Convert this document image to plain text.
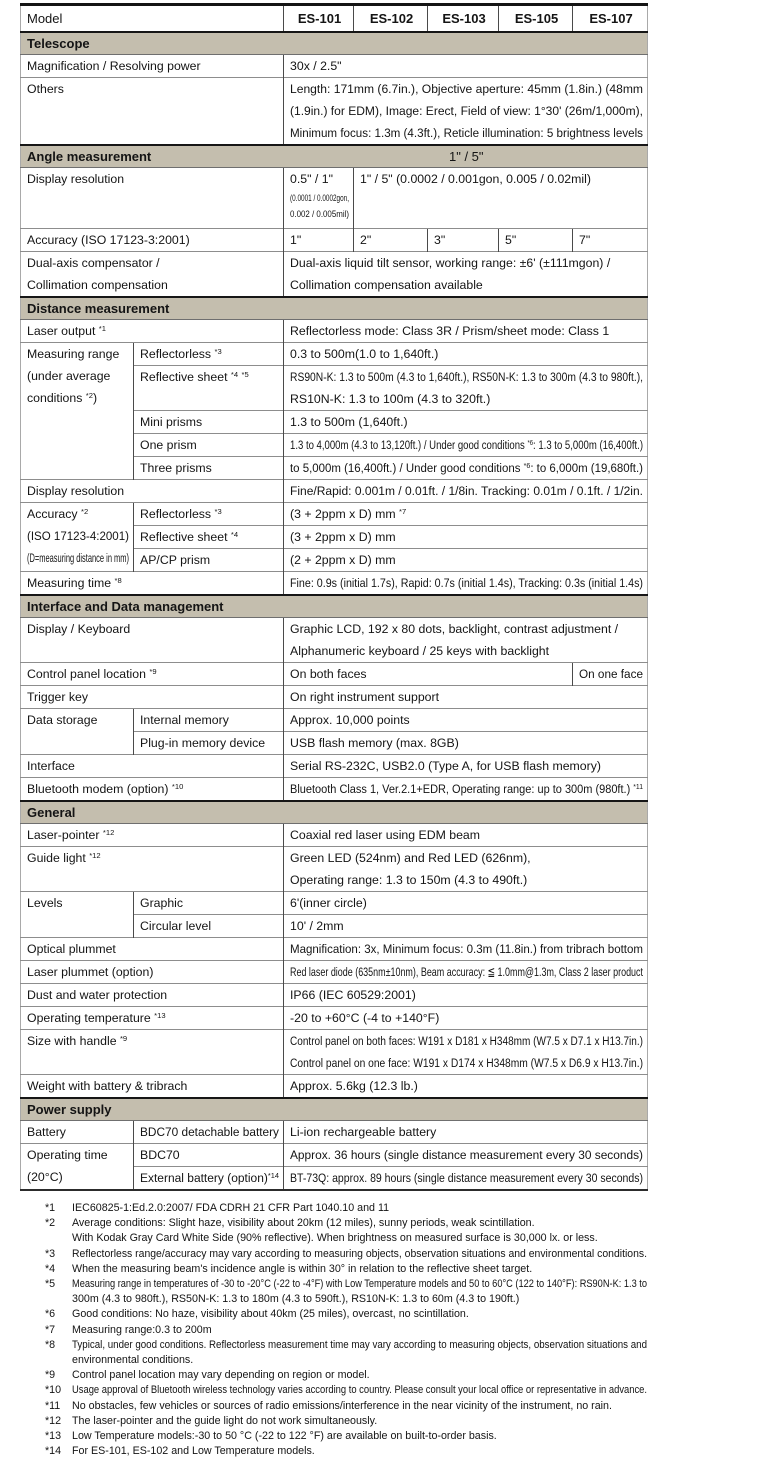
Model		ES-101	ES-102	ES-103	ES-105	ES-107

Telescope						

Magnification / Resolving power		30x / 2.5"				

Others		Length: 171mm (6.7in.), Objective aperture: 45mm (1.8in.) (48mm
(1.9in.) for EDM), Image: Erect, Field of view: 1°30' (26m/1,000m),
Minimum focus: 1.3m (4.3ft.), Reticle illumination: 5 brightness levels				

Angle measurement		1" / 5"				

Display resolution		0.5" / 1"
(0.0001 / 0.0002gon,
0.002 / 0.005mil)	1" / 5" (0.0002 / 0.001gon, 0.005 / 0.02mil)			

Accuracy (ISO 17123-3:2001)		1"	2"	3"	5"	7"

Dual-axis compensator /
Collimation compensation		Dual-axis liquid tilt sensor, working range: ±6' (±111mgon) /
Collimation compensation available				

Distance measurement						

Laser output $^{*1}$		Reflectorless mode: Class 3R / Prism/sheet mode: Class 1				

Measuring range
(under average
conditions $^{*2}$)	Reflectorless $^{*3}$	0.3 to 500m(1.0 to 1,640ft.)				

	Reflective sheet $^{*4}$ $^{*5}$	RS90N-K: 1.3 to 500m (4.3 to 1,640ft.), RS50N-K: 1.3 to 300m (4.3 to 980ft.),
RS10N-K: 1.3 to 100m (4.3 to 320ft.)				

	Mini prisms	1.3 to 500m (1,640ft.)				

	One prism	1.3 to 4,000m (4.3 to 13,120ft.) / Under good conditions $^{*6}$: 1.3 to 5,000m (16,400ft.)				

	Three prisms	to 5,000m (16,400ft.) / Under good conditions $^{*6}$: to 6,000m (19,680ft.)				

Display resolution		Fine/Rapid: 0.001m / 0.01ft. / 1/8in. Tracking: 0.01m / 0.1ft. / 1/2in.				

Accuracy $^{*2}$
(ISO 17123-4:2001)
(D=measuring distance in mm)	Reflectorless $^{*3}$	(3 + 2ppm x D) mm $^{*7}$

	Reflective sheet $^{*4}$	(3 + 2ppm x D) mm				

	AP/CP prism	(2 + 2ppm x D) mm				

Measuring time $^{*8}$		Fine: 0.9s (initial 1.7s), Rapid: 0.7s (initial 1.4s), Tracking: 0.3s (initial 1.4s)				

Interface and Data management						

Display / Keyboard		Graphic LCD, 192 x 80 dots, backlight, contrast adjustment /
Alphanumeric keyboard / 25 keys with backlight				

Control panel location $^{*9}$		On both faces				On one face

Trigger key		On right instrument support				

Data storage	Internal memory	Approx. 10,000 points				

	Plug-in memory device	USB flash memory (max. 8GB)				

Interface		Serial RS-232C, USB2.0 (Type A, for USB flash memory)				

Bluetooth modem (option) $^{*10}$		Bluetooth Class 1, Ver.2.1+EDR, Operating range: up to 300m (980ft.) $^{*11}$

General						

Laser-pointer $^{*12}$		Coaxial red laser using EDM beam				

Guide light $^{*12}$		Green LED (524nm) and Red LED (626nm),
Operating range: 1.3 to 150m (4.3 to 490ft.)				

Levels	Graphic	6'(inner circle)				

	Circular level	10' / 2mm				

Optical plummet		Magnification: 3x, Minimum focus: 0.3m (11.8in.) from tribrach bottom				

Laser plummet (option)		Red laser diode (635nm±10nm), Beam accuracy: ≦ 1.0mm@1.3m, Class 2 laser product				

Dust and water protection		IP66 (IEC 60529:2001)				

Operating temperature $^{*13}$		-20 to +60°C (-4 to +140°F)				

Size with handle $^{*9}$		Control panel on both faces: W191 x D181 x H348mm (W7.5 x D7.1 x H13.7in.)
Control panel on one face: W191 x D174 x H348mm (W7.5 x D6.9 x H13.7in.)				

Weight with battery & tribrach		Approx. 5.6kg (12.3 lb.)				

Power supply						

Battery	BDC70 detachable battery	Li-ion rechargeable battery				

Operating time
(20°C)	BDC70	Approx. 36 hours (single distance measurement every 30 seconds)				

	External battery (option)$^{*14}$	BT-73Q: approx. 89 hours (single distance measurement every 30 seconds)				
*1	IEC60825-1:Ed.2.0:2007/ FDA CDRH 21 CFR Part 1040.10 and 11
*2	Average conditions: Slight haze, visibility about 20km (12 miles), sunny periods, weak scintillation.
With Kodak Gray Card White Side (90% reflective). When brightness on measured surface is 30,000 lx. or less.
*3	Reflectorless range/accuracy may vary according to measuring objects, observation situations and environmental conditions.
*4	When the measuring beam's incidence angle is within 30° in relation to the reflective sheet target.
*5	Measuring range in temperatures of -30 to -20°C (-22 to -4°F) with Low Temperature models and 50 to 60°C (122 to 140°F): RS90N-K: 1.3 to
300m (4.3 to 980ft.), RS50N-K: 1.3 to 180m (4.3 to 590ft.), RS10N-K: 1.3 to 60m (4.3 to 190ft.)
*6	Good conditions: No haze, visibility about 40km (25 miles), overcast, no scintillation.
*7	Measuring range:0.3 to 200m
*8	Typical, under good conditions. Reflectorless measurement time may vary according to measuring objects, observation situations and
environmental conditions.
*9	Control panel location may vary depending on region or model.
*10	Usage approval of Bluetooth wireless technology varies according to country. Please consult your local office or representative in advance.
*11	No obstacles, few vehicles or sources of radio emissions/interference in the near vicinity of the instrument, no rain.
*12	The laser-pointer and the guide light do not work simultaneously.
*13	Low Temperature models:-30 to 50 °C (-22 to 122 °F) are available on built-to-order basis.
*14	For ES-101, ES-102 and Low Temperature models.
